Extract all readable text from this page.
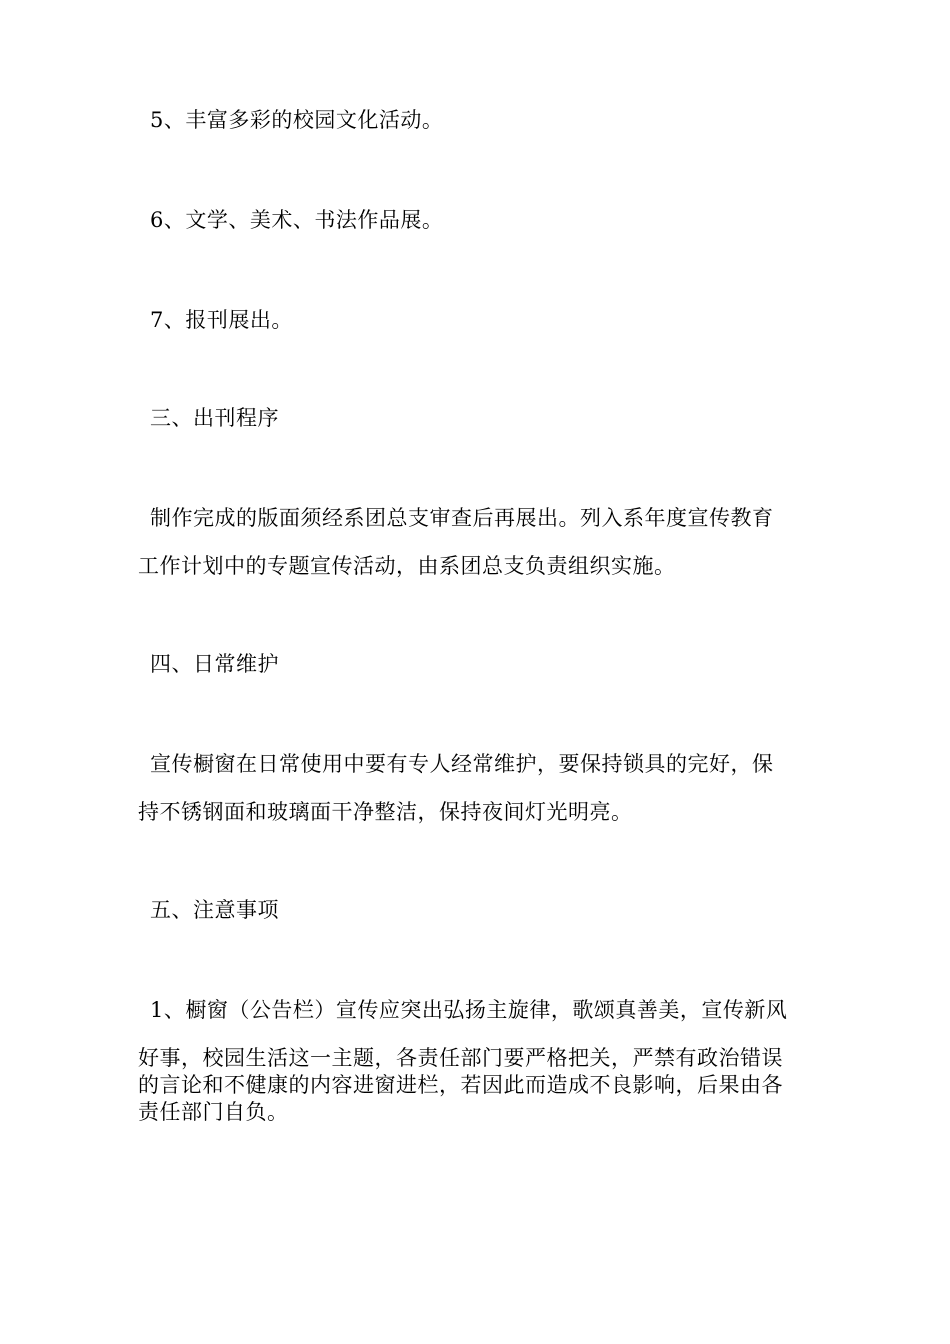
5、丰富多彩的校园文化活动。
6、文学、美术、书法作品展。
7、报刊展出。
三、出刊程序
制作完成的版面须经系团总支审查后再展出。列入系年度宣传教育
工作计划中的专题宣传活动，由系团总支负责组织实施。
四、日常维护
宣传橱窗在日常使用中要有专人经常维护，要保持锁具的完好，保
持不锈钢面和玻璃面干净整洁，保持夜间灯光明亮。
五、注意事项
1、橱窗（公告栏）宣传应突出弘扬主旋律，歌颂真善美，宣传新风
好事，校园生活这一主题，各责任部门要严格把关，严禁有政治错误
的言论和不健康的内容进窗进栏，若因此而造成不良影响，后果由各
责任部门自负。
